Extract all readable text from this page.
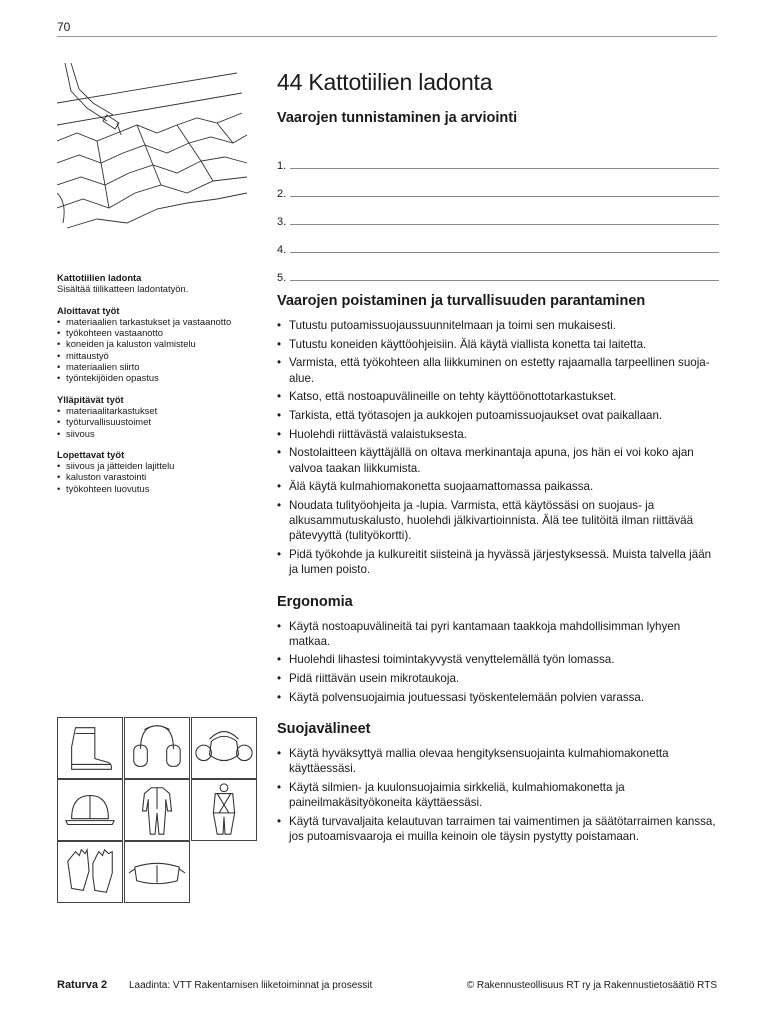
70
Kattotiilien ladonta

Sisältää tiilikatteen ladontatyön.

Aloittavat työt
• materiaalien tarkastukset ja vastaanotto
• työkohteen vastaanotto
• koneiden ja kaluston valmistelu
• mittaustyö
• materiaalien siirto
• työntekijöiden opastus
Ylläpitävät työt
• materiaalitarkastukset
• työturvallisuustoimet
• siivous
Lopettavat työt
• siivous ja jätteiden lajittelu
• kaluston varastointi
• työkohteen luovutus
44 Kattotiilien ladonta
Vaarojen tunnistaminen ja arviointi
1.
2.
3.
4.
5.
Vaarojen poistaminen ja turvallisuuden parantaminen
• Tutustu putoamissuojaussuunnitelmaan ja toimi sen mukaisesti.
• Tutustu koneiden käyttöohjeisiin. Älä käytä viallista konetta tai laitetta.
• Varmista, että työkohteen alla liikkuminen on estetty rajaamalla tarpeellinen suoja-alue.
• Katso, että nostoapuvälineille on tehty käyttöönottotarkastukset.
• Tarkista, että työtasojen ja aukkojen putoamissuojaukset ovat paikallaan.
• Huolehdi riittävästä valaistuksesta.
• Nostolaitteen käyttäjällä on oltava merkinantaja apuna, jos hän ei voi koko ajan valvoa taakan liikkumista.
• Älä käytä kulmahiomakonetta suojaamattomassa paikassa.
• Noudata tulityöohjeita ja -lupia. Varmista, että käytössäsi on suojaus- ja alkusammutuskalusto, huolehdi jälkivartioinnista. Älä tee tulitöitä ilman riittävää pätevyyttä (tulityökortti).
• Pidä työkohde ja kulkureitit siisteinä ja hyvässä järjestyksessä. Muista talvella jään ja lumen poisto.
Ergonomia
• Käytä nostoapuvälineitä tai pyri kantamaan taakkoja mahdollisimman lyhyen matkaa.
• Huolehdi lihastesi toimintakyvystä venyttelemällä työn lomassa.
• Pidä riittävän usein mikrotaukoja.
• Käytä polvensuojaimia joutuessasi työskentelemään polvien varassa.
Suojavälineet
• Käytä hyväksyttyä mallia olevaa hengityksensuojainta kulmahiomakonetta käyttäessäsi.
• Käytä silmien- ja kuulonsuojaimia sirkkeliä, kulmahiomakonetta ja paineilmakäsityökoneita käyttäessäsi.
• Käytä turvavaljaita kelautuvan tarraimen tai vaimentimen ja säätötarraimen kanssa, jos putoamisvaaroja ei muilla keinoin ole täysin pystytty poistamaan.
Raturva 2 Laadinta: VTT Rakentamisen liiketoiminnat ja prosessit	© Rakennusteollisuus RT ry ja Rakennustietosäätiö RTS
